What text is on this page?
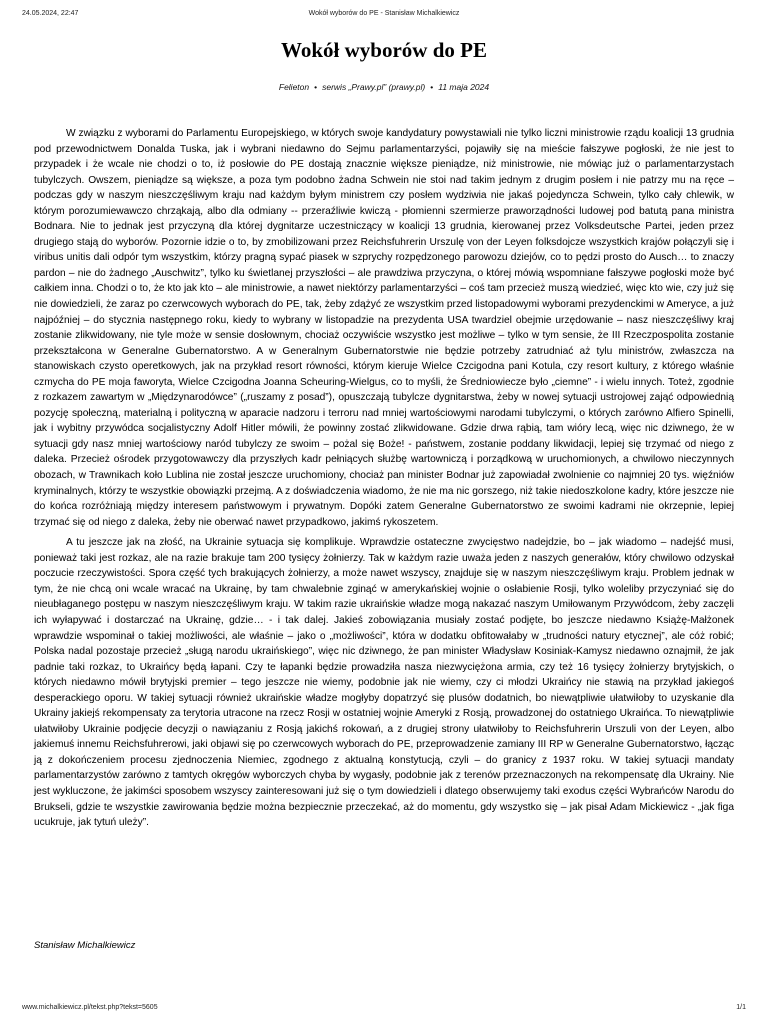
24.05.2024, 22:47	Wokół wyborów do PE - Stanisław Michalkiewicz
Wokół wyborów do PE
Felieton • serwis „Prawy.pl” (prawy.pl) • 11 maja 2024

W związku z wyborami do Parlamentu Europejskiego, w których swoje kandydatury powystawiali nie tylko liczni ministrowie rządu koalicji 13 grudnia pod przewodnictwem Donalda Tuska, jak i wybrani niedawno do Sejmu parlamentarzyści, pojawiły się na mieście fałszywe pogłoski, że nie jest to przypadek i że wcale nie chodzi o to, iż posłowie do PE dostają znacznie większe pieniądze, niż ministrowie, nie mówiąc już o parlamentarzystach tubylczych. Owszem, pieniądze są większe, a poza tym podobno żadna Schwein nie stoi nad takim jednym z drugim posłem i nie patrzy mu na ręce – podczas gdy w naszym nieszczęśliwym kraju nad każdym byłym ministrem czy posłem wydziwia nie jakaś pojedyncza Schwein, tylko cały chlewik, w którym porozumiewawczo chrząkają, albo dla odmiany -- przeraźliwie kwiczą - płomienni szermierze praworządności ludowej pod batutą pana ministra Bodnara. Nie to jednak jest przyczyną dla której dygnitarze uczestniczący w koalicji 13 grudnia, kierowanej przez Volksdeutsche Partei, jeden przez drugiego stają do wyborów. Pozornie idzie o to, by zmobilizowani przez Reichsfuhrerin Urszulę von der Leyen folksdojcze wszystkich krajów połączyli się i viribus unitis dali odpór tym wszystkim, którzy pragną sypać piasek w szprychy rozpędzonego parowozu dziejów, co to pędzi prosto do Ausch… to znaczy pardon – nie do żadnego „Auschwitz”, tylko ku świetlanej przyszłości – ale prawdziwa przyczyna, o której mówią wspomniane fałszywe pogłoski może być całkiem inna. Chodzi o to, że kto jak kto – ale ministrowie, a nawet niektórzy parlamentarzyści – coś tam przecież muszą wiedzieć, więc kto wie, czy już się nie dowiedzieli, że zaraz po czerwcowych wyborach do PE, tak, żeby zdążyć ze wszystkim przed listopadowymi wyborami prezydenckimi w Ameryce, a już najpóźniej – do stycznia następnego roku, kiedy to wybrany w listopadzie na prezydenta USA twardziel obejmie urzędowanie – nasz nieszczęśliwy kraj zostanie zlikwidowany, nie tyle może w sensie dosłownym, chociaż oczywiście wszystko jest możliwe – tylko w tym sensie, że III Rzeczpospolita zostanie przekształcona w Generalne Gubernatorstwo. A w Generalnym Gubernatorstwie nie będzie potrzeby zatrudniać aż tylu ministrów, zwłaszcza na stanowiskach czysto operetkowych, jak na przykład resort równości, którym kieruje Wielce Czcigodna pani Kotula, czy resort kultury, z którego właśnie czmycha do PE moja faworyta, Wielce Czcigodna Joanna Scheuring-Wielgus, co to myśli, że Średniowiecze było „ciemne” - i wielu innych. Toteż, zgodnie z rozkazem zawartym w „Międzynarodówce” („ruszamy z posad”), opuszczają tubylcze dygnitarstwa, żeby w nowej sytuacji ustrojowej zająć odpowiednią pozycję społeczną, materialną i polityczną w aparacie nadzoru i terroru nad mniej wartościowymi narodami tubylczymi, o których zarówno Alfiero Spinelli, jak i wybitny przywódca socjalistyczny Adolf Hitler mówili, że powinny zostać zlikwidowane. Gdzie drwa rąbią, tam wióry lecą, więc nic dziwnego, że w sytuacji gdy nasz mniej wartościowy naród tubylczy ze swoim – pożal się Boże! - państwem, zostanie poddany likwidacji, lepiej się trzymać od niego z daleka. Przecież ośrodek przygotowawczy dla przyszłych kadr pełniących służbę wartowniczą i porządkową w uruchomionych, a chwilowo nieczynnych obozach, w Trawnikach koło Lublina nie został jeszcze uruchomiony, chociaż pan minister Bodnar już zapowiadał zwolnienie co najmniej 20 tys. więźniów kryminalnych, którzy te wszystkie obowiązki przejmą. A z doświadczenia wiadomo, że nie ma nic gorszego, niż takie niedoszkolone kadry, które jeszcze nie do końca rozróżniają między interesem państwowym i prywatnym. Dopóki zatem Generalne Gubernatorstwo ze swoimi kadrami nie okrzepnie, lepiej trzymać się od niego z daleka, żeby nie oberwać nawet przypadkowo, jakimś rykoszetem.

A tu jeszcze jak na złość, na Ukrainie sytuacja się komplikuje. Wprawdzie ostateczne zwycięstwo nadejdzie, bo – jak wiadomo – nadejść musi, ponieważ taki jest rozkaz, ale na razie brakuje tam 200 tysięcy żołnierzy. Tak w każdym razie uważa jeden z naszych generałów, który chwilowo odzyskał poczucie rzeczywistości. Spora część tych brakujących żołnierzy, a może nawet wszyscy, znajduje się w naszym nieszczęśliwym kraju. Problem jednak w tym, że nie chcą oni wcale wracać na Ukrainę, by tam chwalebnie zginąć w amerykańskiej wojnie o osłabienie Rosji, tylko woleliby przyczyniać się do nieubłaganego postępu w naszym nieszczęśliwym kraju. W takim razie ukraińskie władze mogą nakazać naszym Umiłowanym Przywódcom, żeby zaczęli ich wyłapywać i dostarczać na Ukrainę, gdzie… - i tak dalej. Jakieś zobowiązania musiały zostać podjęte, bo jeszcze niedawno Książę-Małżonek wprawdzie wspominał o takiej możliwości, ale właśnie – jako o „możliwości”, która w dodatku obfitowałaby w „trudności natury etycznej”, ale cóż robić; Polska nadal pozostaje przecież „sługą narodu ukraińskiego”, więc nic dziwnego, że pan minister Władysław Kosiniak-Kamysz niedawno oznajmił, że jak padnie taki rozkaz, to Ukraińcy będą łapani. Czy te łapanki będzie prowadziła nasza niezwyciężona armia, czy też 16 tysięcy żołnierzy brytyjskich, o których niedawno mówił brytyjski premier – tego jeszcze nie wiemy, podobnie jak nie wiemy, czy ci młodzi Ukraińcy nie stawią na przykład jakiegoś desperackiego oporu. W takiej sytuacji również ukraińskie władze mogłyby dopatrzyć się plusów dodatnich, bo niewątpliwie ułatwiłoby to uzyskanie dla Ukrainy jakiejś rekompensaty za terytoria utracone na rzecz Rosji w ostatniej wojnie Ameryki z Rosją, prowadzonej do ostatniego Ukraińca. To niewątpliwie ułatwiłoby Ukrainie podjęcie decyzji o nawiązaniu z Rosją jakichś rokowań, a z drugiej strony ułatwiłoby to Reichsfuhrerin Urszuli von der Leyen, albo jakiemuś innemu Reichsfuhrerowi, jaki objawi się po czerwcowych wyborach do PE, przeprowadzenie zamiany III RP w Generalne Gubernatorstwo, łącząc ją z dokończeniem procesu zjednoczenia Niemiec, zgodnego z aktualną konstytucją, czyli – do granicy z 1937 roku. W takiej sytuacji mandaty parlamentarzystów zarówno z tamtych okręgów wyborczych chyba by wygasły, podobnie jak z terenów przeznaczonych na rekompensatę dla Ukrainy. Nie jest wykluczone, że jakimści sposobem wszyscy zainteresowani już się o tym dowiedzieli i dlatego obserwujemy taki exodus części Wybrańców Narodu do Brukseli, gdzie te wszystkie zawirowania będzie można bezpiecznie przeczekać, aż do momentu, gdy wszystko się – jak pisał Adam Mickiewicz - „jak figa ucukruje, jak tytuń uleży”.

Stanisław Michalkiewicz
www.michalkiewicz.pl/tekst.php?tekst=5605	1/1
